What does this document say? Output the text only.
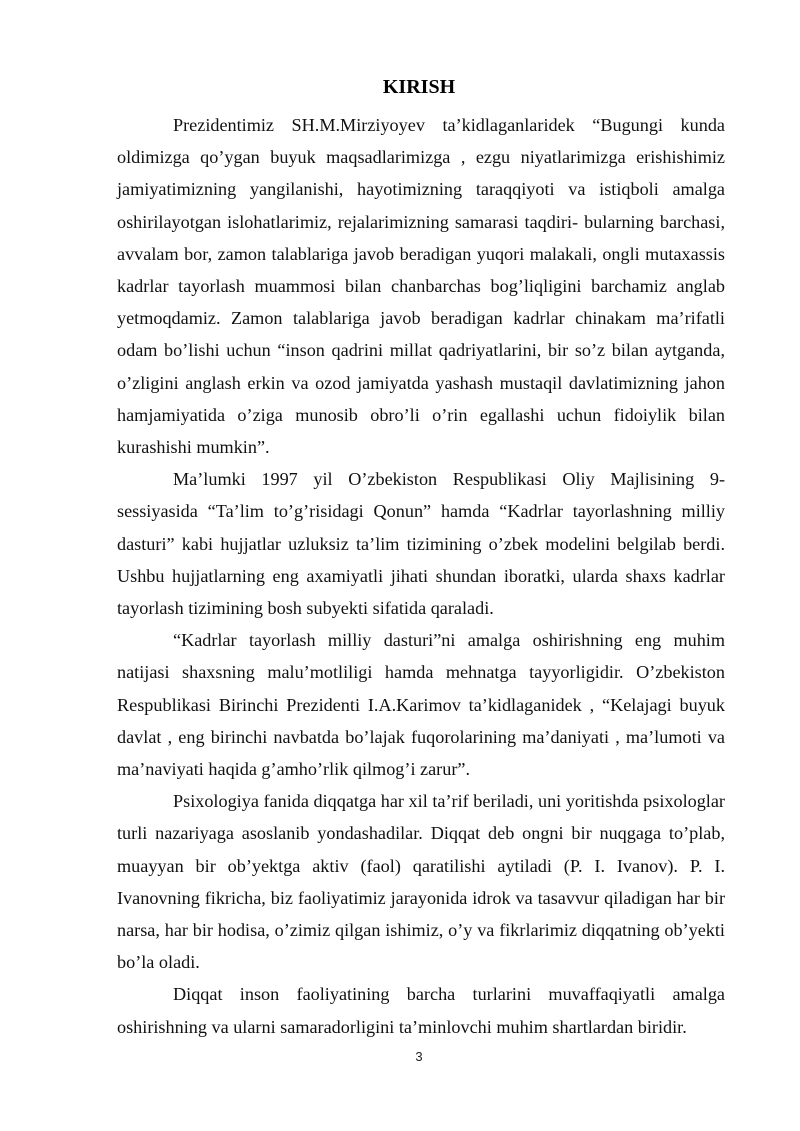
KIRISH

Prezidentimiz SH.M.Mirziyoyev ta’kidlaganlaridek “Bugungi kunda oldimizga qo’ygan buyuk maqsadlarimizga , ezgu niyatlarimizga erishishimiz jamiyatimizning yangilanishi, hayotimizning taraqqiyoti va istiqboli amalga oshirilayotgan islohatlarimiz, rejalarimizning samarasi taqdiri- bularning barchasi, avvalam bor, zamon talablariga javob beradigan yuqori malakali, ongli mutaxassis kadrlar tayorlash muammosi bilan chanbarchas bog’liqligini barchamiz anglab yetmoqdamiz. Zamon talablariga javob beradigan kadrlar chinakam ma’rifatli odam bo’lishi uchun “inson qadrini millat qadriyatlarini, bir so’z bilan aytganda, o’zligini anglash erkin va ozod jamiyatda yashash mustaqil davlatimizning jahon hamjamiyatida o’ziga munosib obro’li o’rin egallashi uchun fidoiylik bilan kurashishi mumkin”.

Ma’lumki 1997 yil O’zbekiston Respublikasi Oliy Majlisining 9-sessiyasida “Ta’lim to’g’risidagi Qonun” hamda “Kadrlar tayorlashning milliy dasturi” kabi hujjatlar uzluksiz ta’lim tizimining o’zbek modelini belgilab berdi. Ushbu hujjatlarning eng axamiyatli jihati shundan iboratki, ularda shaxs kadrlar tayorlash tizimining bosh subyekti sifatida qaraladi.

“Kadrlar tayorlash milliy dasturi”ni amalga oshirishning eng muhim natijasi shaxsning malu’motliligi hamda mehnatga tayyorligidir. O’zbekiston Respublikasi Birinchi Prezidenti I.A.Karimov ta’kidlaganidek , “Kelajagi buyuk davlat , eng birinchi navbatda bo’lajak fuqorolarining ma’daniyati , ma’lumoti va ma’naviyati haqida g’amho’rlik qilmog’i zarur”.

Psixologiya fanida diqqatga har xil ta’rif beriladi, uni yoritishda psixologlar turli nazariyaga asoslanib yondashadilar. Diqqat deb ongni bir nuqgaga to’plab, muayyan bir ob’yektga aktiv (faol) qaratilishi aytiladi (P. I. Ivanov). P. I. Ivanovning fikricha, biz faoliyatimiz jarayonida idrok va tasavvur qiladigan har bir narsa, har bir hodisa, o’zimiz qilgan ishimiz, o’y va fikrlarimiz diqqatning ob’yekti bo’la oladi.

Diqqat inson faoliyatining barcha turlarini muvaffaqiyatli amalga oshirishning va ularni samaradorligini ta’minlovchi muhim shartlardan biridir.

3
